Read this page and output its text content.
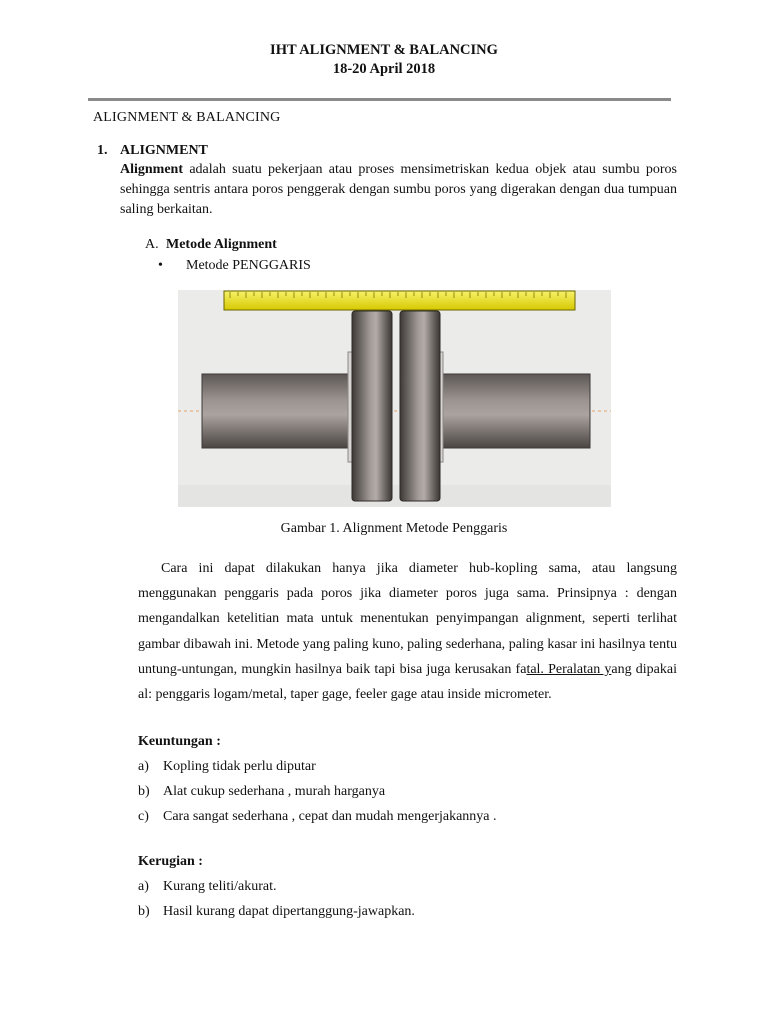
IHT ALIGNMENT & BALANCING
18-20 April 2018
ALIGNMENT & BALANCING
1. ALIGNMENT
Alignment adalah suatu pekerjaan atau proses mensimetriskan kedua objek atau sumbu poros sehingga sentris antara poros penggerak dengan sumbu poros yang digerakan dengan dua tumpuan saling berkaitan.
A. Metode Alignment
• Metode PENGGARIS
Gambar 1. Alignment Metode Penggaris
Cara ini dapat dilakukan hanya jika diameter hub-kopling sama, atau langsung menggunakan penggaris pada poros jika diameter poros juga sama. Prinsipnya : dengan mengandalkan ketelitian mata untuk menentukan penyimpangan alignment, seperti terlihat gambar dibawah ini. Metode yang paling kuno, paling sederhana, paling kasar ini hasilnya tentu untung-untungan, mungkin hasilnya baik tapi bisa juga kerusakan fatal. Peralatan yang dipakai al: penggaris logam/metal, taper gage, feeler gage atau inside micrometer.
Keuntungan :
a) Kopling tidak perlu diputar
b) Alat cukup sederhana , murah harganya
c) Cara sangat sederhana , cepat dan mudah mengerjakannya .
Kerugian :
a) Kurang teliti/akurat.
b) Hasil kurang dapat dipertanggung-jawapkan.
